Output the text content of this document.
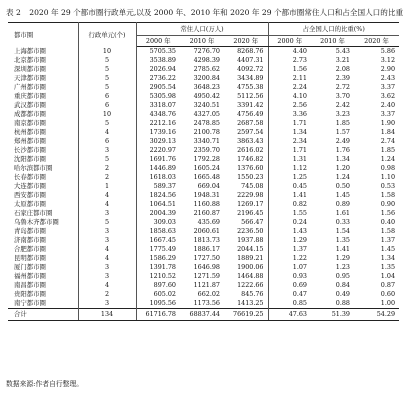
表 2 2020 年 29 个都市圈行政单元,以及 2000 年、2010 年和 2020 年 29 个都市圈常住人口和占全国人口的比重
都市圈	行政单元(个)	常住人口(万人)			占全国人口的比重(%)		
		2000 年	2010 年	2020 年	2000 年	2010 年	2020 年
上海都市圈	10	5705.35	7276.70	8268.76	4.40	5.43	5.86
北京都市圈	5	3538.89	4298.39	4407.31	2.73	3.21	3.12
深圳都市圈	5	2026.94	2785.62	4092.72	1.56	2.08	2.90
天津都市圈	5	2736.22	3200.84	3434.89	2.11	2.39	2.43
广州都市圈	5	2905.54	3648.23	4755.38	2.24	2.72	3.37
重庆都市圈	6	5305.98	4950.42	5112.56	4.10	3.70	3.62
武汉都市圈	6	3318.07	3240.51	3391.42	2.56	2.42	2.40
成都都市圈	10	4348.76	4327.05	4756.49	3.36	3.23	3.37
南京都市圈	5	2212.16	2478.85	2687.58	1.71	1.85	1.90
杭州都市圈	4	1739.16	2100.78	2597.54	1.34	1.57	1.84
郑州都市圈	6	3029.13	3340.71	3863.43	2.34	2.49	2.74
长沙都市圈	3	2220.97	2359.70	2616.02	1.71	1.76	1.85
沈阳都市圈	5	1691.76	1792.28	1746.82	1.31	1.34	1.24
哈尔滨都市圈	2	1446.89	1605.24	1376.60	1.12	1.20	0.98
长春都市圈	2	1618.03	1665.48	1550.23	1.25	1.24	1.10
大连都市圈	1	589.37	669.04	745.08	0.45	0.50	0.53
西安都市圈	4	1824.56	1948.31	2229.98	1.41	1.45	1.58
太原都市圈	4	1064.51	1160.88	1269.17	0.82	0.89	0.90
石家庄都市圈	3	2004.39	2160.87	2196.45	1.55	1.61	1.56
乌鲁木齐都市圈	5	309.03	435.69	566.47	0.24	0.33	0.40
青岛都市圈	3	1858.63	2060.61	2236.50	1.43	1.54	1.58
济南都市圈	3	1667.45	1813.73	1937.88	1.29	1.35	1.37
合肥都市圈	4	1775.49	1886.17	2044.15	1.37	1.41	1.45
昆明都市圈	4	1586.29	1727.50	1889.21	1.22	1.29	1.34
厦门都市圈	3	1391.78	1646.98	1900.06	1.07	1.23	1.35
福州都市圈	3	1210.52	1271.59	1464.88	0.93	0.95	1.04
南昌都市圈	4	897.60	1121.87	1222.66	0.69	0.84	0.87
贵阳都市圈	2	605.02	662.02	845.76	0.47	0.49	0.60
南宁都市圈	3	1095.56	1173.56	1413.25	0.85	0.88	1.00
合计	134	61716.78	68837.44	76619.25	47.63	51.39	54.29
数据来源:作者自行整理。
